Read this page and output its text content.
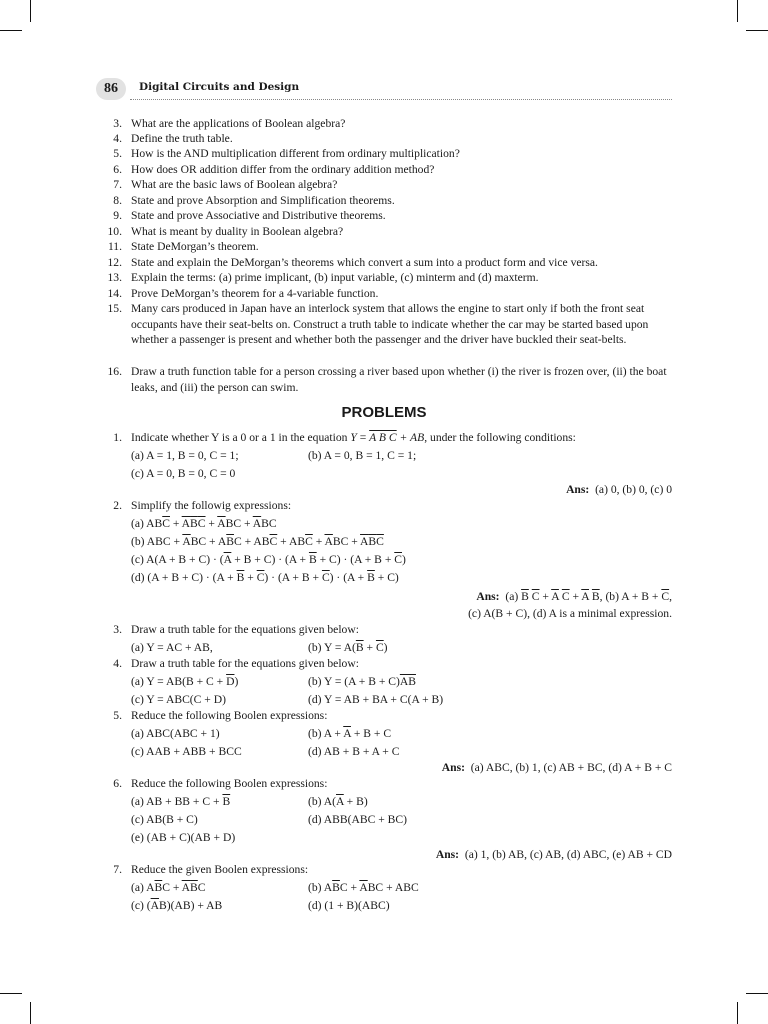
86	Digital Circuits and Design
3. What are the applications of Boolean algebra?
4. Define the truth table.
5. How is the AND multiplication different from ordinary multiplication?
6. How does OR addition differ from the ordinary addition method?
7. What are the basic laws of Boolean algebra?
8. State and prove Absorption and Simplification theorems.
9. State and prove Associative and Distributive theorems.
10. What is meant by duality in Boolean algebra?
11. State DeMorgan’s theorem.
12. State and explain the DeMorgan’s theorems which convert a sum into a product form and vice versa.
13. Explain the terms: (a) prime implicant, (b) input variable, (c) minterm and (d) maxterm.
14. Prove DeMorgan’s theorem for a 4-variable function.
15. Many cars produced in Japan have an interlock system that allows the engine to start only if both the front seat occupants have their seat-belts on. Construct a truth table to indicate whether the car may be started based upon whether a passenger is present and whether both the passenger and the driver have buckled their seat-belts.
16. Draw a truth function table for a person crossing a river based upon whether (i) the river is frozen over, (ii) the boat leaks, and (iii) the person can swim.
PROBLEMS
1. Indicate whether Y is a 0 or a 1 in the equation Y = A B C + AB, under the following conditions:
(a) A = 1, B = 0, C = 1;	(b) A = 0, B = 1, C = 1;
(c) A = 0, B = 0, C = 0
Ans: (a) 0, (b) 0, (c) 0
2. Simplify the followig expressions:
(a) $AB\overline{C} + \overline{A}\overline{B}\overline{C} + \overline{A}BC + \overline{A}BC$
(b) ABC + $\overline{A}BC + A\overline{B}C + AB\overline{C} + AB\overline{C} + \overline{A}BC + \overline{A}\overline{B}\overline{C}$
(c) $A(A + B + C) \cdot (\overline{A} + B + C) \cdot (A + \overline{B} + C) \cdot (A + B + \overline{C})$
(d) $(A + B + C) \cdot (A + \overline{B} + \overline{C}) \cdot (A + B + \overline{C}) \cdot (A + \overline{B} + C)$
Ans:  (a) $\overline{B}$ $\overline{C} + \overline{A}$ $\overline{C} + \overline{A}$ $\overline{B}$, (b) $A + B + \overline{C}$,
(c) A(B + C), (d) A is a minimal expression.
3. Draw a truth table for the equations given below:
(a) Y = AC + AB,	(b) $Y = A(\overline{B} + \overline{C})$
4. Draw a truth table for the equations given below:
(a) $Y = AB(B + C + \overline{D})$	(b) $Y = (A + B + C)\overline{AB}$
(c) Y = ABC(C + D)	(d) Y = AB + BA + C(A + B)
5. Reduce the following Boolen expressions:
(a) ABC(ABC + 1)	(b) $A + \overline{A} + B + C$
(c) AAB + ABB + BCC	(d) AB + B + A + C
Ans: (a) ABC, (b) 1, (c) AB + BC, (d) A + B + C
6. Reduce the following Boolen expressions:
(a) AB + BB + $C + \overline{B}$	(b) $A(\overline{A} + B)$
(c) AB(B + C)	(d) ABB(ABC + BC)
(e) (AB + C)(AB + D)
Ans: (a) 1, (b) AB, (c) AB, (d) ABC, (e) AB + CD
7. Reduce the given Boolen expressions:
(a) $A\overline{B}C + \overline{A}\overline{B}C$	(b) $A\overline{B}C + \overline{A}BC$ + ABC
(c) $(\overline{A}B)(AB)$ + AB	(d) (1 + B)(ABC)
